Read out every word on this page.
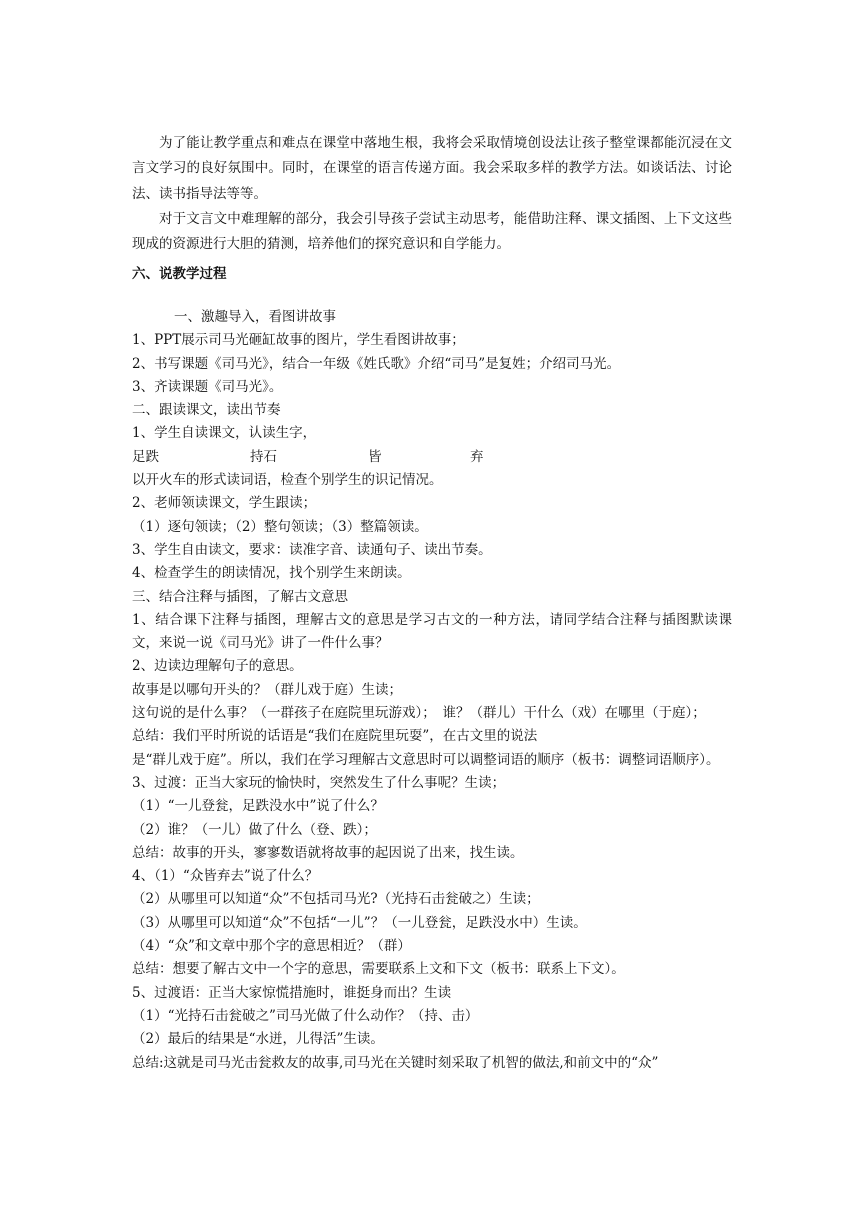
为了能让教学重点和难点在课堂中落地生根，我将会采取情境创设法让孩子整堂课都能沉浸在文言文学习的良好氛围中。同时，在课堂的语言传递方面。我会采取多样的教学方法。如谈话法、讨论法、读书指导法等等。

对于文言文中难理解的部分，我会引导孩子尝试主动思考，能借助注释、课文插图、上下文这些现成的资源进行大胆的猜测，培养他们的探究意识和自学能力。

六、说教学过程

一、激趣导入，看图讲故事

1、PPT展示司马光砸缸故事的图片，学生看图讲故事；

2、书写课题《司马光》，结合一年级《姓氏歌》介绍“司马”是复姓；介绍司马光。

3、齐读课题《司马光》。

二、跟读课文，读出节奏

1、学生自读课文，认读生字，

足跌	持石	皆	弃

以开火车的形式读词语，检查个别学生的识记情况。

2、老师领读课文，学生跟读；

（1）逐句领读；（2）整句领读；（3）整篇领读。

3、学生自由读文，要求：读准字音、读通句子、读出节奏。

4、检查学生的朗读情况，找个别学生来朗读。

三、结合注释与插图，了解古文意思

1、结合课下注释与插图，理解古文的意思是学习古文的一种方法，请同学结合注释与插图默读课文，来说一说《司马光》讲了一件什么事？

2、边读边理解句子的意思。

故事是以哪句开头的？（群儿戏于庭）生读；

这句说的是什么事？（一群孩子在庭院里玩游戏）；　谁？（群儿）干什么（戏）在哪里（于庭）；

总结：我们平时所说的话语是“我们在庭院里玩耍”，在古文里的说法

是“群儿戏于庭”。所以，我们在学习理解古文意思时可以调整词语的顺序（板书：调整词语顺序）。

3、过渡：正当大家玩的愉快时，突然发生了什么事呢？生读；

（1）“一儿登瓮，足跌没水中”说了什么？

（2）谁？（一儿）做了什么（登、跌）；

总结：故事的开头，寥寥数语就将故事的起因说了出来，找生读。

4、（1）“众皆弃去”说了什么？

（2）从哪里可以知道“众”不包括司马光?（光持石击瓮破之）生读；

（3）从哪里可以知道“众”不包括“一儿”？（一儿登瓮，足跌没水中）生读。

（4）“众”和文章中那个字的意思相近？（群）

总结：想要了解古文中一个字的意思，需要联系上文和下文（板书：联系上下文）。

5、过渡语：正当大家惊慌措施时，谁挺身而出？生读

（1）“光持石击瓮破之”司马光做了什么动作？（持、击）

（2）最后的结果是“水迸，儿得活”生读。

总结:这就是司马光击瓮救友的故事,司马光在关键时刻采取了机智的做法,和前文中的“众”
